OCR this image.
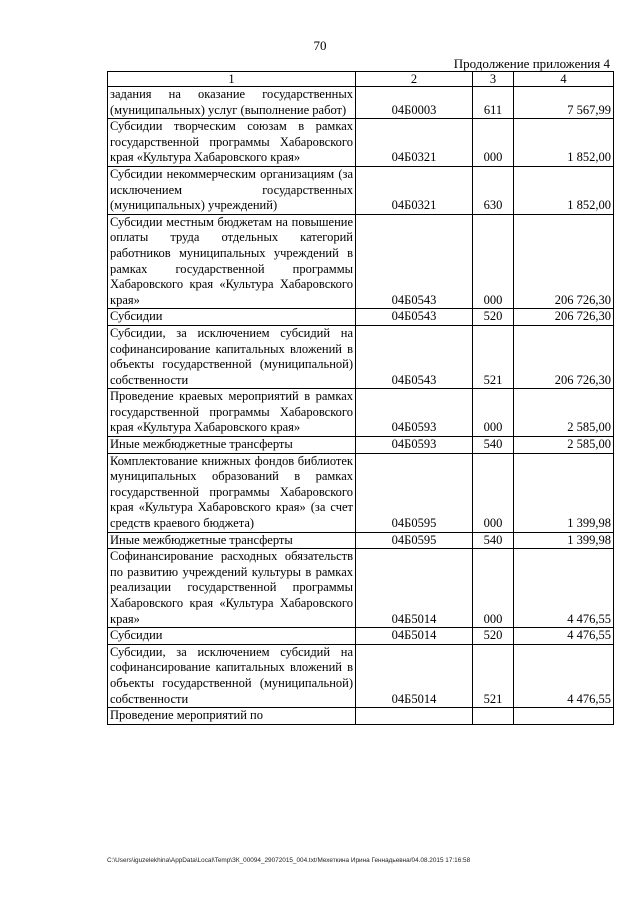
70
Продолжение приложения 4
1	2	3	4
задания на оказание государственных (муниципальных) услуг (выполнение работ)	04Б0003	611	7 567,99
Субсидии творческим союзам в рамках государственной программы Хабаровского края «Культура Хабаровского края»	04Б0321	000	1 852,00
Субсидии некоммерческим организациям (за исключением государственных (муниципальных) учреждений)	04Б0321	630	1 852,00
Субсидии местным бюджетам на повышение оплаты труда отдельных категорий работников муниципальных учреждений в рамках государственной программы Хабаровского края «Культура Хабаровского края»	04Б0543	000	206 726,30
Субсидии	04Б0543	520	206 726,30
Субсидии, за исключением субсидий на софинансирование капитальных вложений в объекты государственной (муниципальной) собственности	04Б0543	521	206 726,30
Проведение краевых мероприятий в рамках государственной программы Хабаровского края «Культура Хабаровского края»	04Б0593	000	2 585,00
Иные межбюджетные трансферты	04Б0593	540	2 585,00
Комплектование книжных фондов библиотек муниципальных образований в рамках государственной программы Хабаровского края «Культура Хабаровского края» (за счет средств краевого бюджета)	04Б0595	000	1 399,98
Иные межбюджетные трансферты	04Б0595	540	1 399,98
Софинансирование расходных обязательств по развитию учреждений культуры в рамках реализации государственной программы Хабаровского края «Культура Хабаровского края»	04Б5014	000	4 476,55
Субсидии	04Б5014	520	4 476,55
Субсидии, за исключением субсидий на софинансирование капитальных вложений в объекты государственной (муниципальной) собственности	04Б5014	521	4 476,55
Проведение мероприятий по			
C:\Users\iguzelekhina\AppData\Local\Temp\ЗК_00094_29072015_004.txt/Мехеткина Ирина Геннадьевна/04.08.2015 17:16:58
